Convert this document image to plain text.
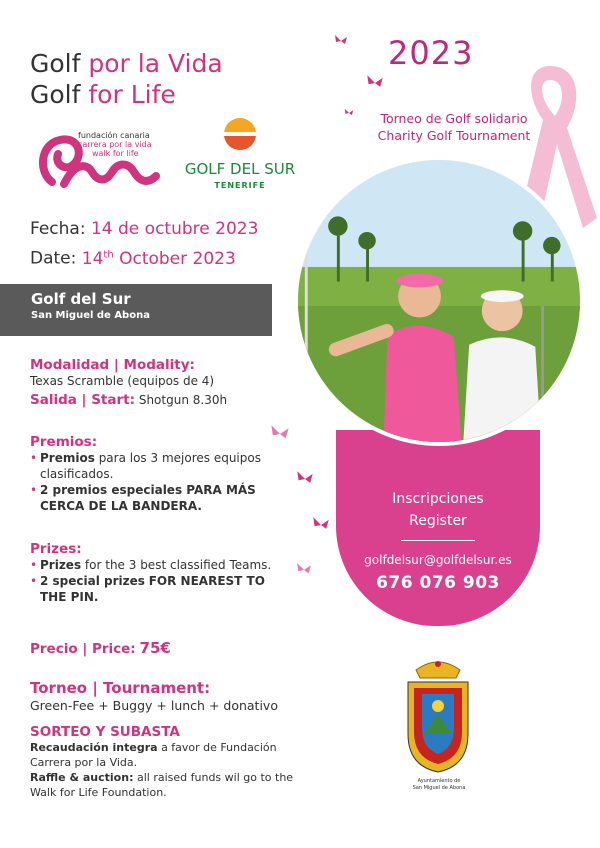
Golf por la Vida
Golf for Life
2023
Torneo de Golf solidario
Charity Golf Tournament
fundación canaria
carrera por la vida
walk for life
GOLF DEL SUR
TENERIFE
Fecha: 14 de octubre 2023
Date: 14th October 2023
Golf del Sur
San Miguel de Abona
Modalidad | Modality:
Texas Scramble (equipos de 4)
Salida | Start: Shotgun 8.30h
Premios:
• Premios para los 3 mejores equipos clasificados.
• 2 premios especiales PARA MÁS CERCA DE LA BANDERA.
Prizes:
• Prizes for the 3 best classified Teams.
• 2 special prizes FOR NEAREST TO THE PIN.
Precio | Price: 75€
Torneo | Tournament:
Green-Fee + Buggy + lunch + donativo
SORTEO Y SUBASTA
Recaudación integra a favor de Fundación Carrera por la Vida.
Raffle & auction: all raised funds wil go to the Walk for Life Foundation.
Inscripciones
Register
golfdelsur@golfdelsur.es
676 076 903
Ayuntamiento de
San Miguel de Abona
